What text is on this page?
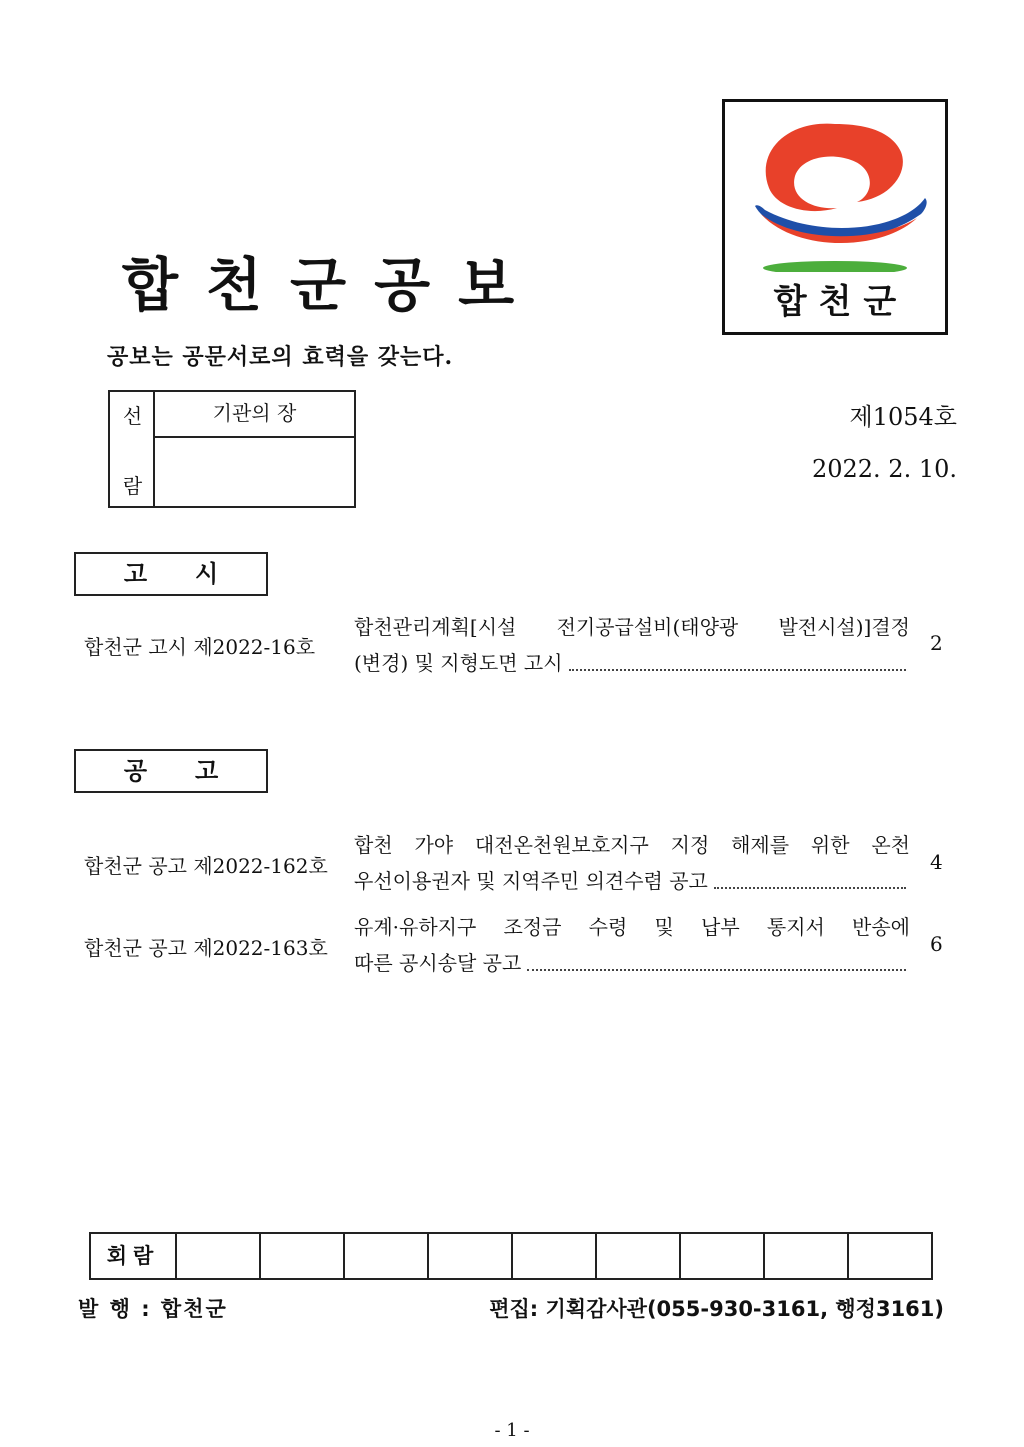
합천군공보
공보는 공문서로의 효력을 갖는다.
합천군
선
람
기관의 장	제1054호
2022. 2. 10.
고 시
합천군 고시 제2022-16호
합천관리계획[시설 전기공급설비(태양광 발전시설)]결정
(변경) 및 지형도면 고시
2
공 고
합천군 공고 제2022-162호
합천 가야 대전온천원보호지구 지정 해제를 위한 온천
우선이용권자 및 지역주민 의견수렴 공고
4
합천군 공고 제2022-163호
유계·유하지구 조정금 수령 및 납부 통지서 반송에
따른 공시송달 공고
6
회람
발 행 : 합천군	편집: 기획감사관(055-930-3161, 행정3161)
- 1 -
